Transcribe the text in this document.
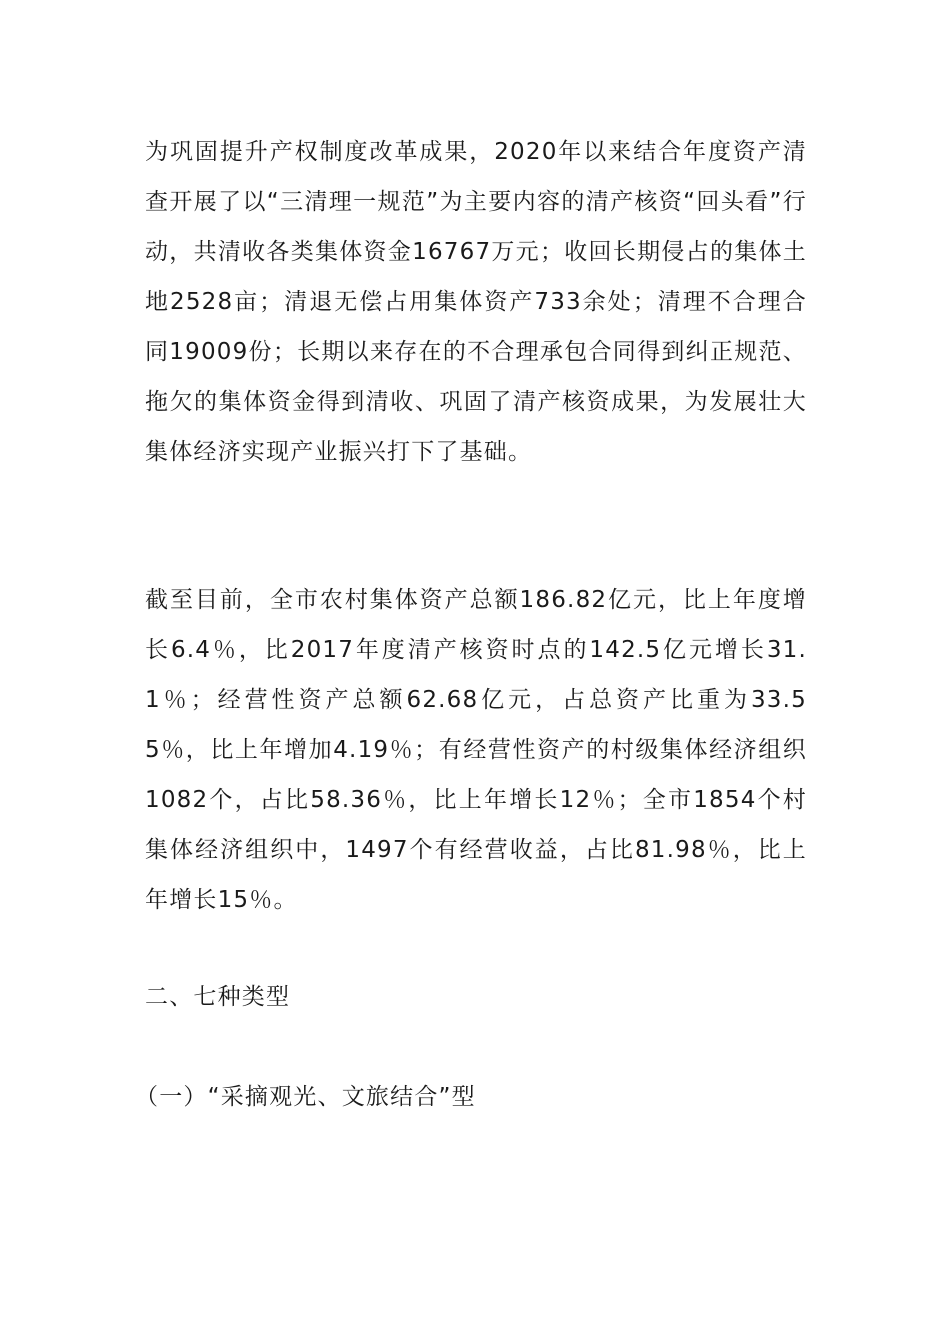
为巩固提升产权制度改革成果，2020年以来结合年度资产清查开展了以“三清理一规范”为主要内容的清产核资“回头看”行动，共清收各类集体资金16767万元；收回长期侵占的集体土地2528亩；清退无偿占用集体资产733余处；清理不合理合同19009份；长期以来存在的不合理承包合同得到纠正规范、拖欠的集体资金得到清收、巩固了清产核资成果，为发展壮大集体经济实现产业振兴打下了基础。

截至目前，全市农村集体资产总额186.82亿元，比上年度增长6.4％，比2017年度清产核资时点的142.5亿元增长31.1％；经营性资产总额62.68亿元，占总资产比重为33.55％，比上年增加4.19％；有经营性资产的村级集体经济组织1082个，占比58.36％，比上年增长12％；全市1854个村集体经济组织中，1497个有经营收益，占比81.98％，比上年增长15％。

二、七种类型

（一）“采摘观光、文旅结合”型
